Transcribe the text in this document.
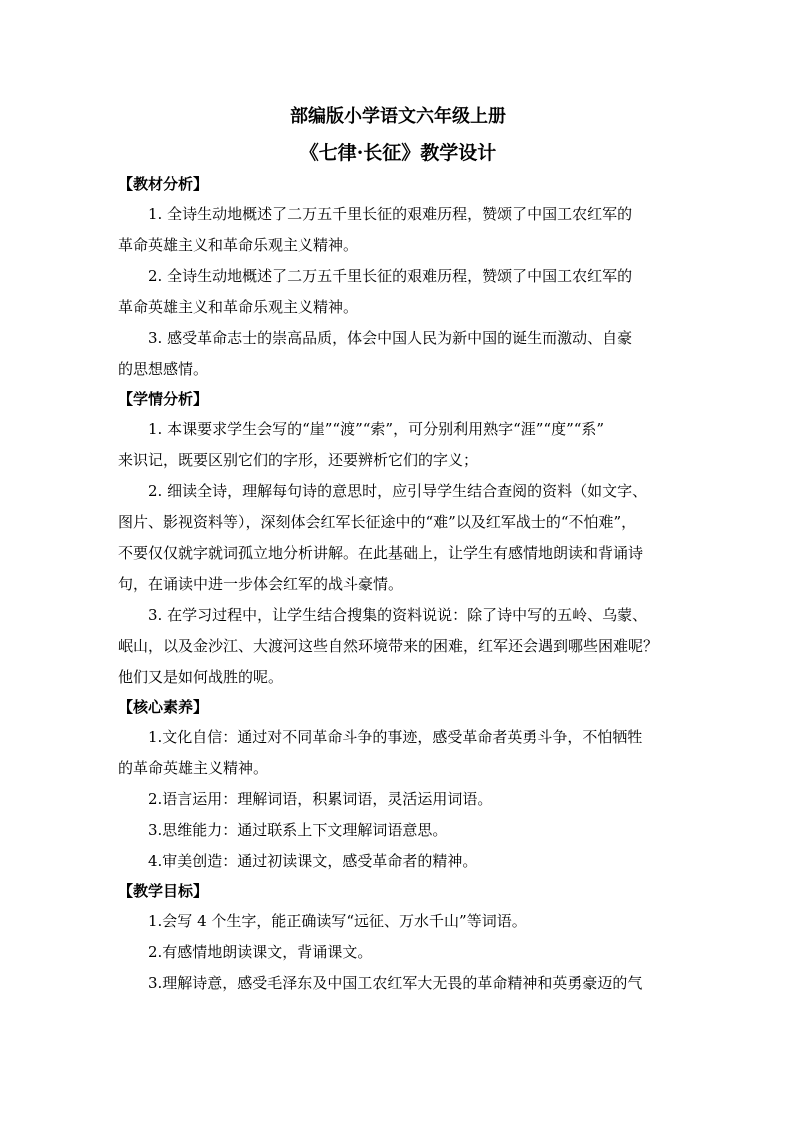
部编版小学语文六年级上册
《七律·长征》教学设计
【教材分析】
1. 全诗生动地概述了二万五千里长征的艰难历程，赞颂了中国工农红军的
革命英雄主义和革命乐观主义精神。
2. 全诗生动地概述了二万五千里长征的艰难历程，赞颂了中国工农红军的
革命英雄主义和革命乐观主义精神。
3. 感受革命志士的崇高品质，体会中国人民为新中国的诞生而激动、自豪
的思想感情。
【学情分析】
1. 本课要求学生会写的“崖”“渡”“索”，可分别利用熟字“涯”“度”“系”
来识记，既要区别它们的字形，还要辨析它们的字义；
2. 细读全诗，理解每句诗的意思时，应引导学生结合查阅的资料（如文字、
图片、影视资料等），深刻体会红军长征途中的“难”以及红军战士的“不怕难”，
不要仅仅就字就词孤立地分析讲解。在此基础上，让学生有感情地朗读和背诵诗
句，在诵读中进一步体会红军的战斗豪情。
3. 在学习过程中，让学生结合搜集的资料说说：除了诗中写的五岭、乌蒙、
岷山，以及金沙江、大渡河这些自然环境带来的困难，红军还会遇到哪些困难呢？
他们又是如何战胜的呢。
【核心素养】
1.文化自信：通过对不同革命斗争的事迹，感受革命者英勇斗争，不怕牺牲
的革命英雄主义精神。
2.语言运用：理解词语，积累词语，灵活运用词语。
3.思维能力：通过联系上下文理解词语意思。
4.审美创造：通过初读课文，感受革命者的精神。
【教学目标】
1.会写 4 个生字，能正确读写“远征、万水千山”等词语。
2.有感情地朗读课文，背诵课文。
3.理解诗意，感受毛泽东及中国工农红军大无畏的革命精神和英勇豪迈的气
